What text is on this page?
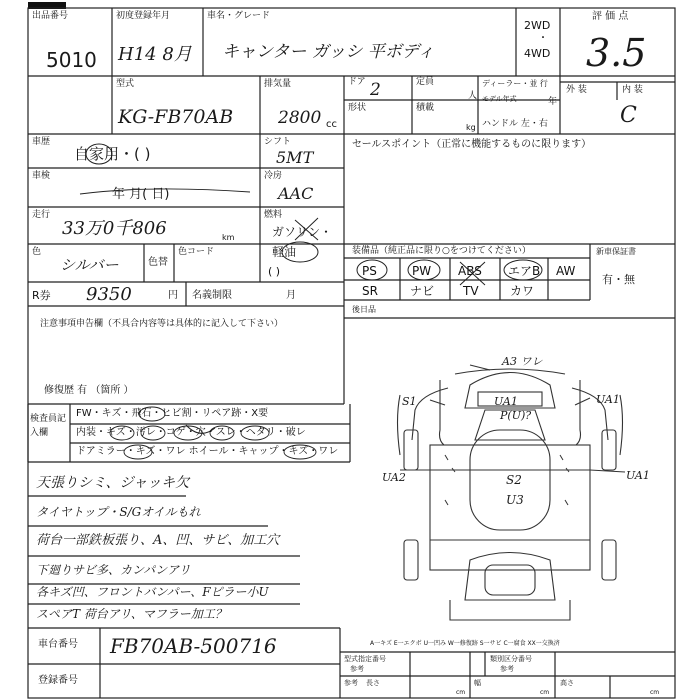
出品番号
5010
初度登録年月
H14 8月
車名・グレード
キャンター ガッシ 平ボディ
2WD
・
4WD
評 価 点
3.5
外 装	内 装
C
型式
KG-FB70AB
排気量
2800 cc
ドア 2	定員
人
ディーラー・並 行
モデル年式	年
形状	積載
kg ハンドル 左・右
車歴
自家用・( )
シフト
5MT
車検
年 月( 日)
冷房
AAC
走行
33万0千806	km
燃料
ガソリン・軽油
色
シルバー	色替
色コード
( )
R券 9350	円 名義制限	月
セールスポイント（正常に機能するものに限ります）
装備品（純正品に限り○をつけてください）
PS	PW ABS エアB AW
SR	ナビ TV	カワ
新車保証書
有・無
後日品
注意事項申告欄（不具合内容等は具体的に記入して下さい）
修復歴 有 （箇所 ）
検査員記入欄
FW・キズ・飛石・ヒビ割・リペア跡・X要
内装・キズ・汚レ・コゲ・穴・スレ・ヘタリ・破レ
ドアミラー・キズ・ワレ ホイール・キャップ・キズ・ワレ
天張りシミ、ジャッキ欠
タイヤトップ・S/Gオイルもれ
荷台一部鉄板張り、A、凹、サビ、加工穴
下廻りサビ多、カンパンアリ
各キズ凹、フロントバンパー、Fピラー小U
スペアT 荷台アリ、マフラー加工？
A3 ワレ
S1	UA1
P(U)?
UA1
UA2	UA1
S2
U3
車台番号 FB70AB-500716
登録番号
A一キズ E一エクボ U一凹み W一修復跡 S一サビ C一腐食 XX一交換済
型式指定番号
参考
類別区分番号
参考
参考 長さ
cm
幅
cm
高さ
cm
